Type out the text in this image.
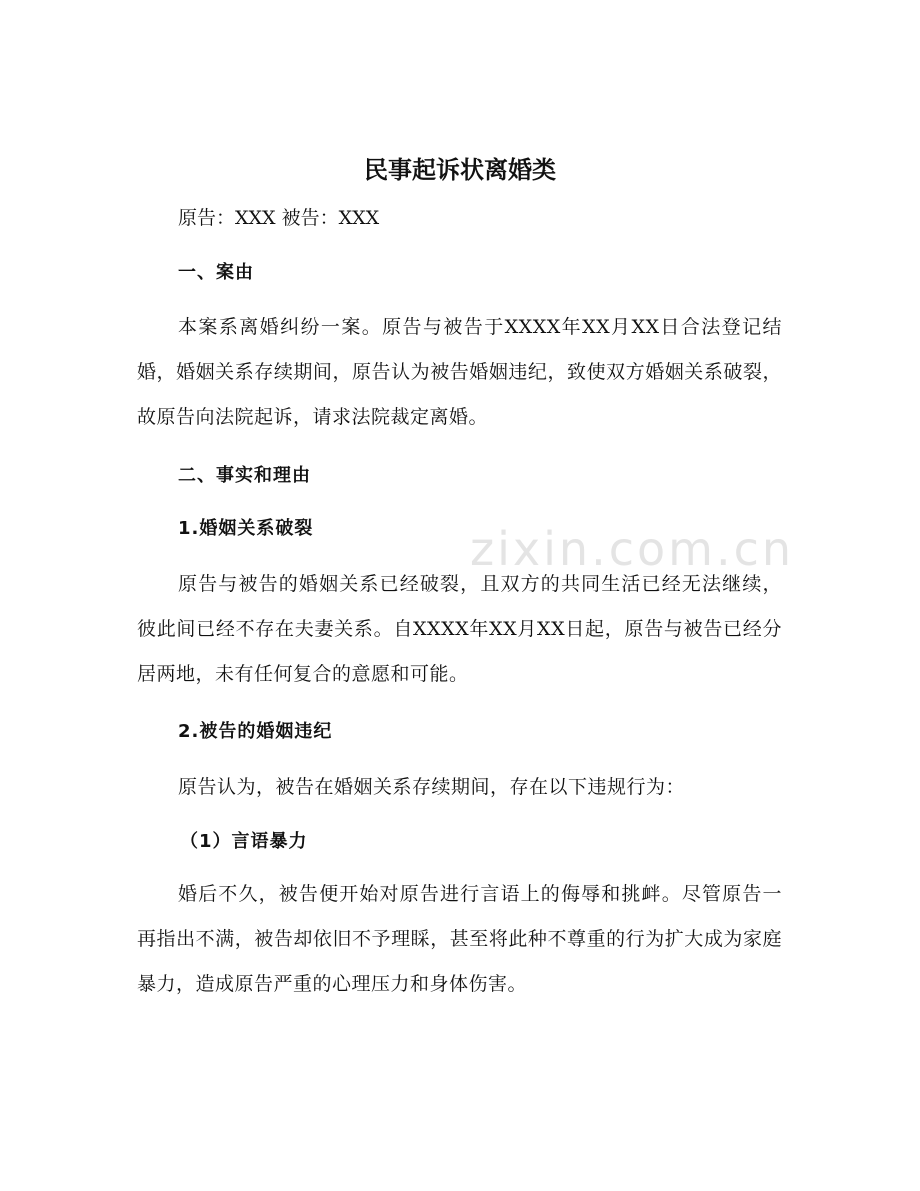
zixin.com.cn
民事起诉状离婚类
原告：XXX 被告：XXX
一、案由
本案系离婚纠纷一案。原告与被告于XXXX年XX月XX日合法登记结婚，婚姻关系存续期间，原告认为被告婚姻违纪，致使双方婚姻关系破裂，故原告向法院起诉，请求法院裁定离婚。
二、事实和理由
1.婚姻关系破裂
原告与被告的婚姻关系已经破裂，且双方的共同生活已经无法继续，彼此间已经不存在夫妻关系。自XXXX年XX月XX日起，原告与被告已经分居两地，未有任何复合的意愿和可能。
2.被告的婚姻违纪
原告认为，被告在婚姻关系存续期间，存在以下违规行为：
（1）言语暴力
婚后不久，被告便开始对原告进行言语上的侮辱和挑衅。尽管原告一再指出不满，被告却依旧不予理睬，甚至将此种不尊重的行为扩大成为家庭暴力，造成原告严重的心理压力和身体伤害。
